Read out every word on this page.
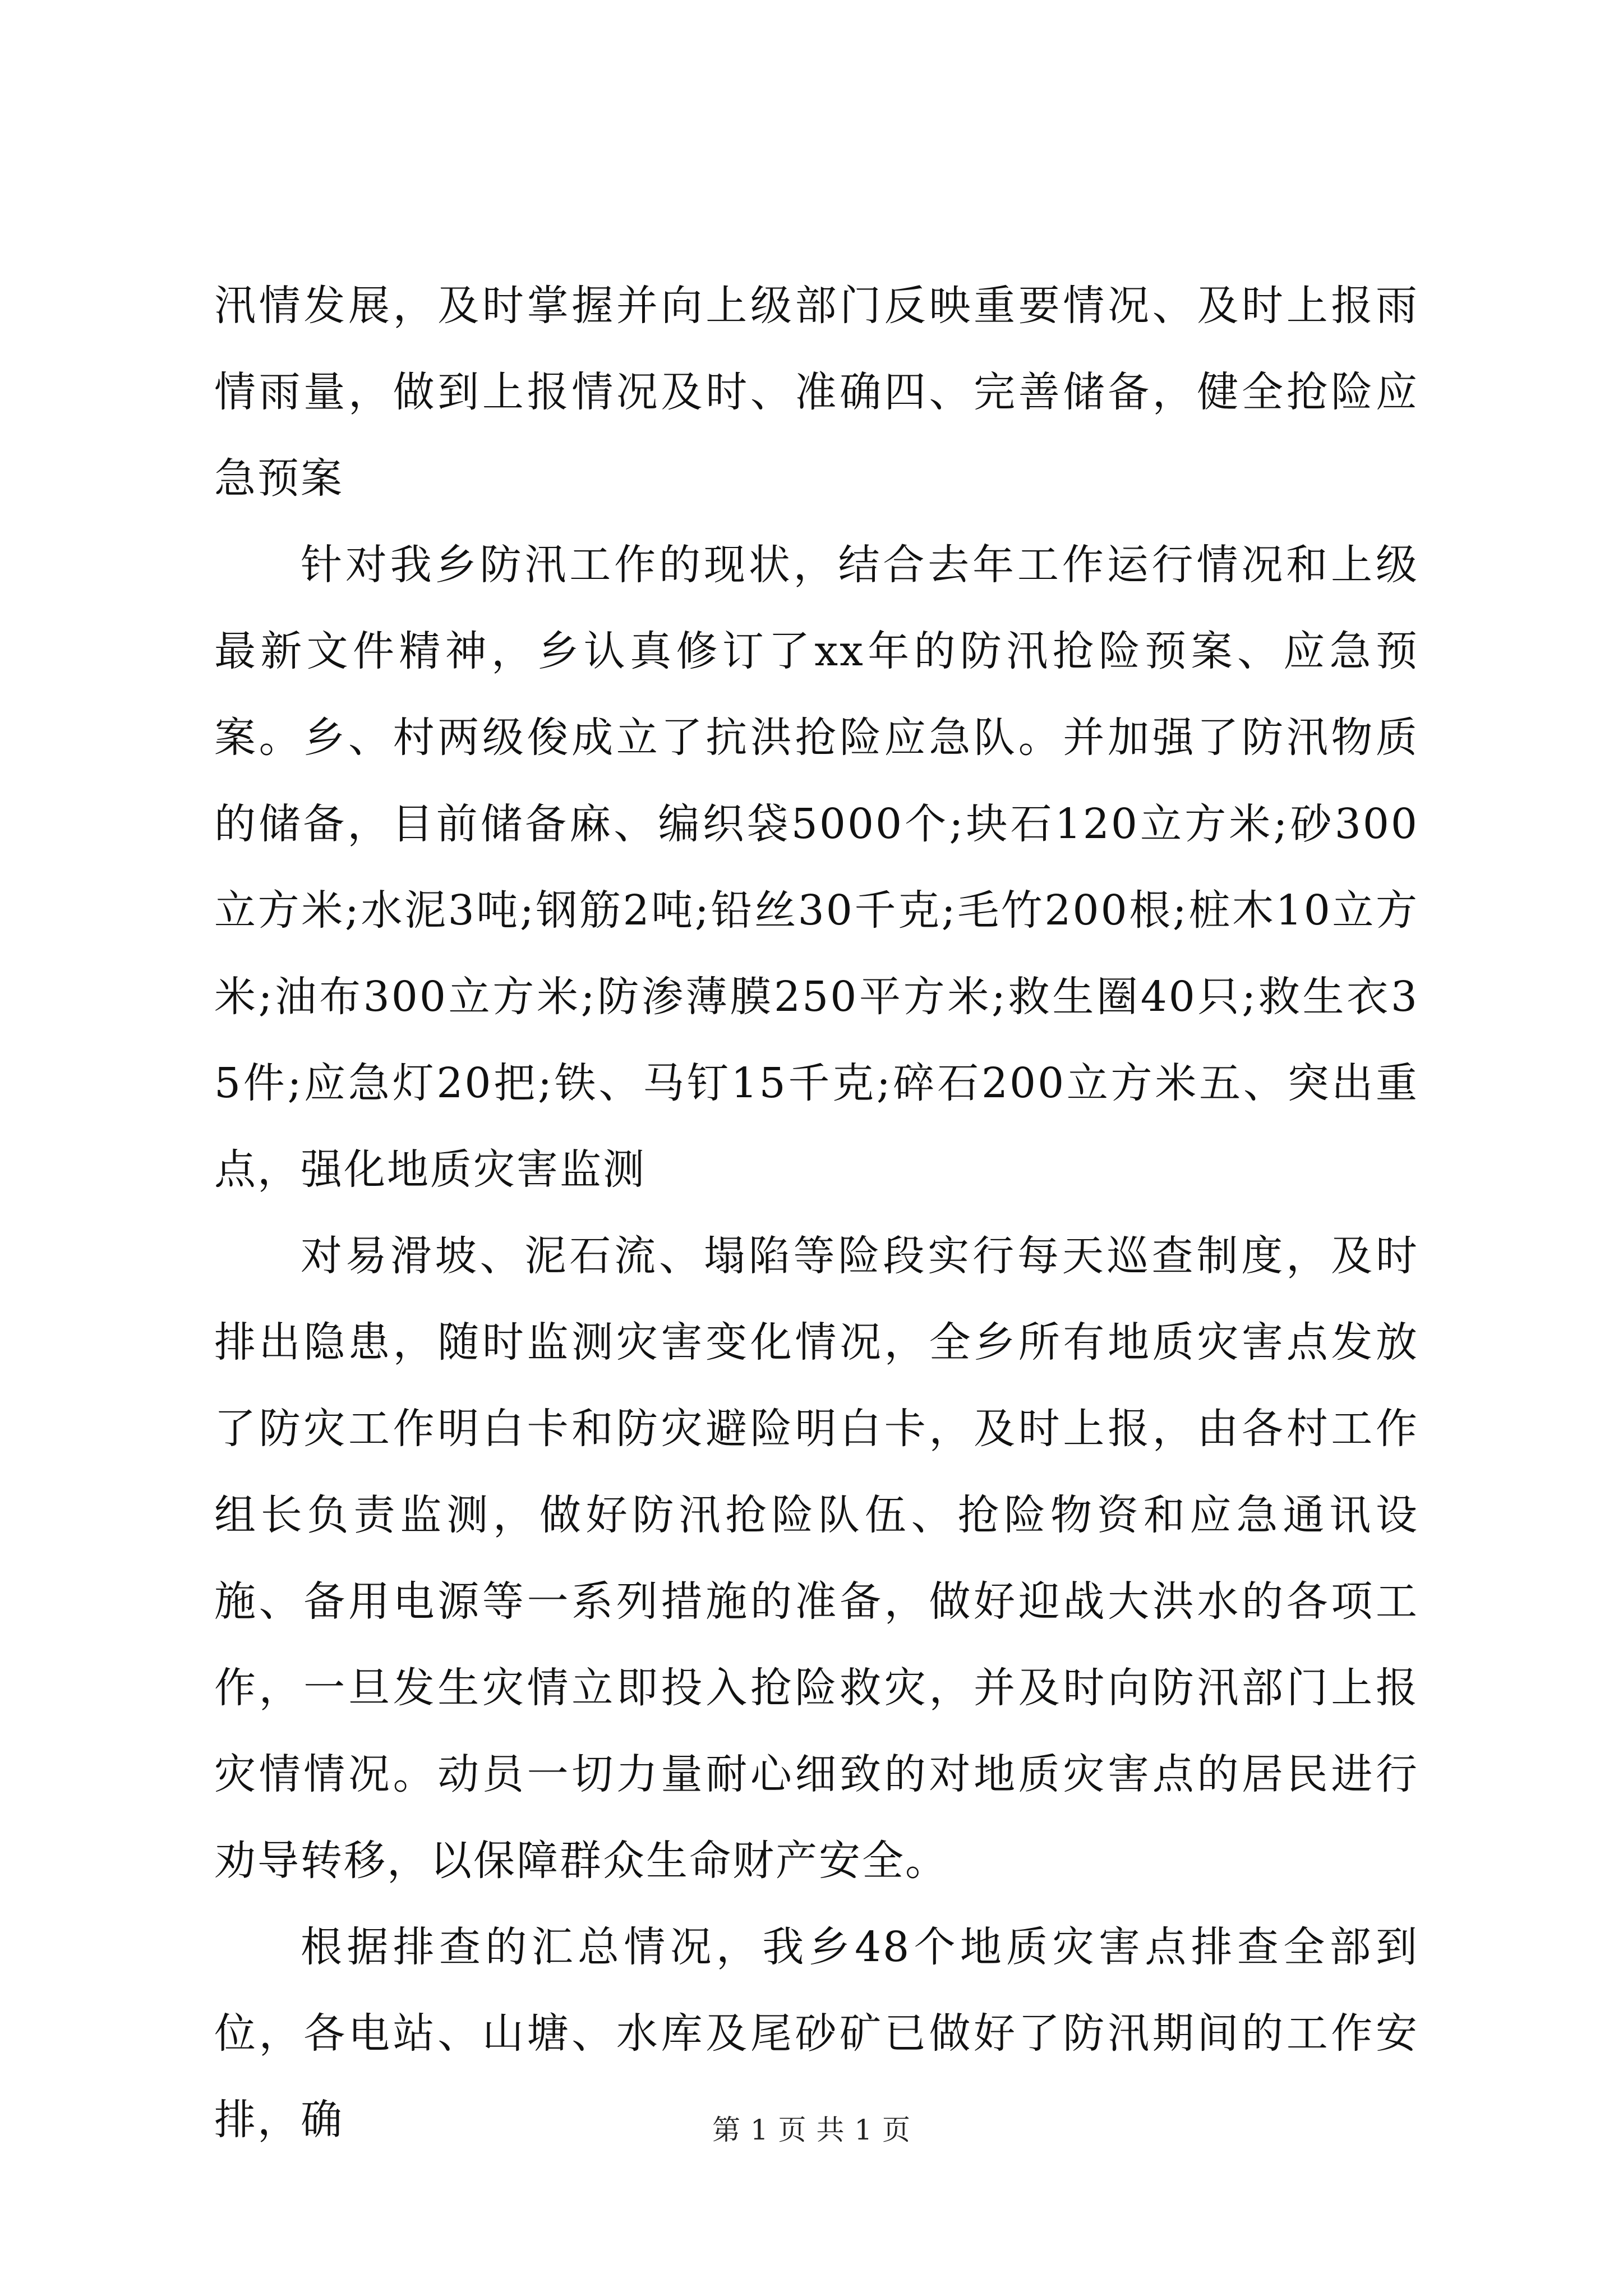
汛情发展，及时掌握并向上级部门反映重要情况、及时上报雨情雨量，做到上报情况及时、准确四、完善储备，健全抢险应急预案

针对我乡防汛工作的现状，结合去年工作运行情况和上级最新文件精神，乡认真修订了xx年的防汛抢险预案、应急预案。乡、村两级俊成立了抗洪抢险应急队。并加强了防汛物质的储备，目前储备麻、编织袋5000个;块石120立方米;砂300立方米;水泥3吨;钢筋2吨;铅丝30千克;毛竹200根;桩木10立方米;油布300立方米;防渗薄膜250平方米;救生圈40只;救生衣35件;应急灯20把;铁、马钉15千克;碎石200立方米五、突出重点，强化地质灾害监测

对易滑坡、泥石流、塌陷等险段实行每天巡查制度，及时排出隐患，随时监测灾害变化情况，全乡所有地质灾害点发放了防灾工作明白卡和防灾避险明白卡，及时上报，由各村工作组长负责监测，做好防汛抢险队伍、抢险物资和应急通讯设施、备用电源等一系列措施的准备，做好迎战大洪水的各项工作，一旦发生灾情立即投入抢险救灾，并及时向防汛部门上报灾情情况。动员一切力量耐心细致的对地质灾害点的居民进行劝导转移，以保障群众生命财产安全。

根据排查的汇总情况，我乡48个地质灾害点排查全部到位，各电站、山塘、水库及尾砂矿已做好了防汛期间的工作安排，确	第 1 页 共 1 页
